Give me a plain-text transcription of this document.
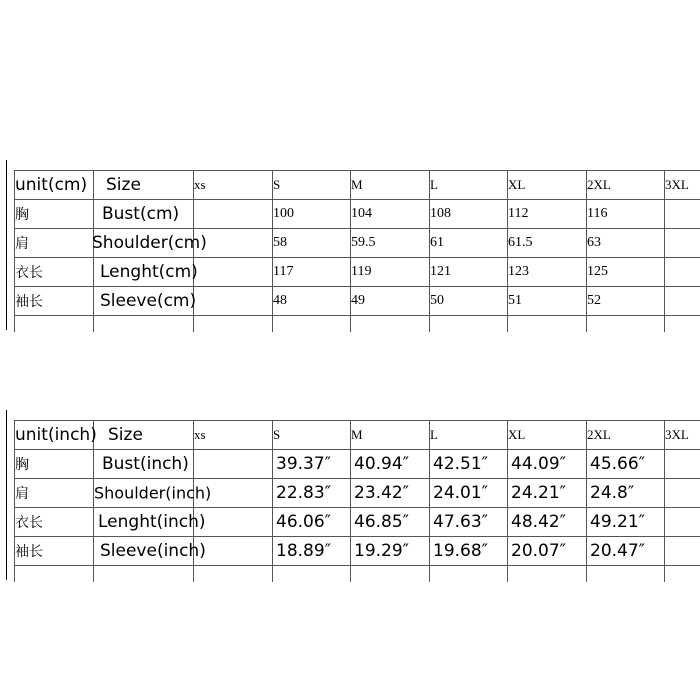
unit(cm)	Size	xs	S	M	L	XL	2XL	3XL
胸	Bust(cm)		100	104	108	112	116	
肩	Shoulder(cm)		58	59.5	61	61.5	63	
衣长	Lenght(cm)		117	119	121	123	125	
袖长	Sleeve(cm)		48	49	50	51	52	

unit(inch)	Size	xs	S	M	L	XL	2XL	3XL
胸	Bust(inch)		39.37″	40.94″	42.51″	44.09″	45.66″	
肩	Shoulder(inch)		22.83″	23.42″	24.01″	24.21″	24.8″	
衣长	Lenght(inch)		46.06″	46.85″	47.63″	48.42″	49.21″	
袖长	Sleeve(inch)		18.89″	19.29″	19.68″	20.07″	20.47″	
